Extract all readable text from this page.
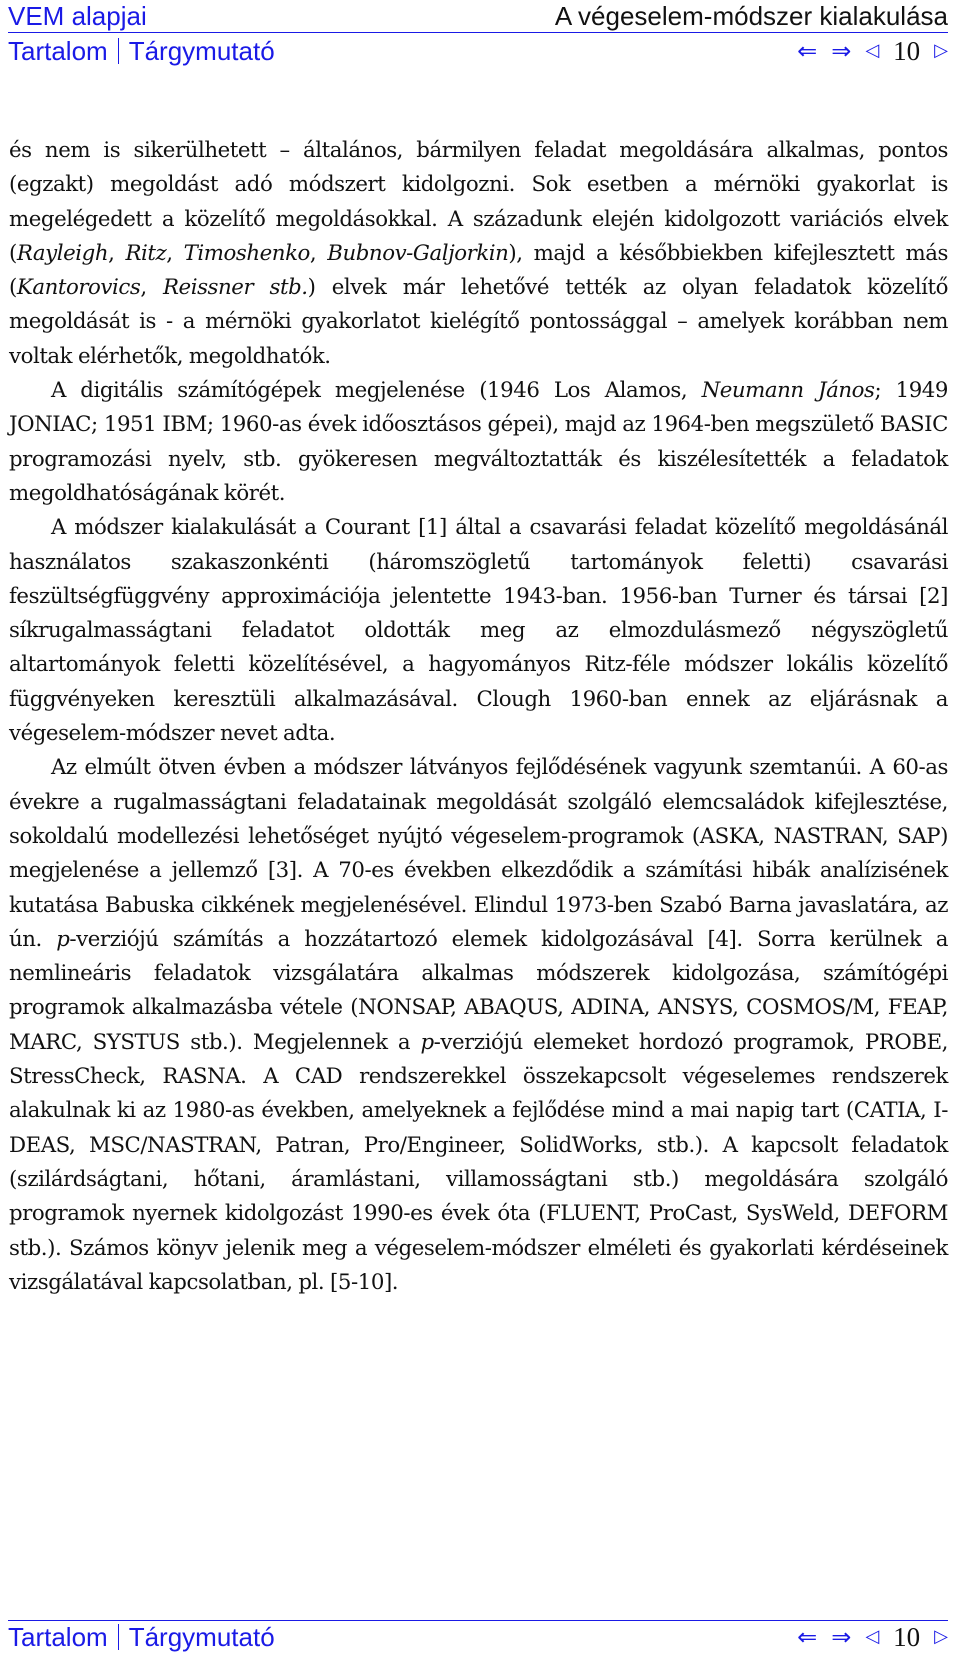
VEM alapjai	A végeselem-módszer kialakulása
Tartalom Tárgymutató	⇐ ⇒ ◁ 10 ▷

és nem is sikerülhetett – általános, bármilyen feladat megoldására alkalmas, pontos (egzakt) megoldást adó módszert kidolgozni. Sok esetben a mérnöki gyakorlat is megelégedett a közelítő megoldásokkal. A századunk elején kidolgozott variációs elvek (Rayleigh, Ritz, Timoshenko, Bubnov-Galjorkin), majd a későbbiekben kifejlesztett más (Kantorovics, Reissner stb.) elvek már lehetővé tették az olyan feladatok közelítő megoldását is - a mérnöki gyakorlatot kielégítő pontossággal – amelyek korábban nem voltak elérhetők, megoldhatók.

A digitális számítógépek megjelenése (1946 Los Alamos, Neumann János; 1949 JONIAC; 1951 IBM; 1960-as évek időosztásos gépei), majd az 1964-ben megszülető BASIC programozási nyelv, stb. gyökeresen megváltoztatták és kiszélesítették a feladatok megoldhatóságának körét.

A módszer kialakulását a Courant [1] által a csavarási feladat közelítő megoldásánál használatos szakaszonkénti (háromszögletű tartományok feletti) csavarási feszültségfüggvény approximációja jelentette 1943-ban. 1956-ban Turner és társai [2] síkrugalmasságtani feladatot oldották meg az elmozdulásmező négyszögletű altartományok feletti közelítésével, a hagyományos Ritz-féle módszer lokális közelítő függvényeken keresztüli alkalmazásával. Clough 1960-ban ennek az eljárásnak a végeselem-módszer nevet adta.

Az elmúlt ötven évben a módszer látványos fejlődésének vagyunk szemtanúi. A 60-as évekre a rugalmasságtani feladatainak megoldását szolgáló elemcsaládok kifejlesztése, sokoldalú modellezési lehetőséget nyújtó végeselem-programok (ASKA, NASTRAN, SAP) megjelenése a jellemző [3]. A 70-es években elkezdődik a számítási hibák analízisének kutatása Babuska cikkének megjelenésével. Elindul 1973-ben Szabó Barna javaslatára, az ún. p-verziójú számítás a hozzátartozó elemek kidolgozásával [4]. Sorra kerülnek a nemlineáris feladatok vizsgálatára alkalmas módszerek kidolgozása, számítógépi programok alkalmazásba vétele (NONSAP, ABAQUS, ADINA, ANSYS, COSMOS/M, FEAP, MARC, SYSTUS stb.). Megjelennek a p-verziójú elemeket hordozó programok, PROBE, StressCheck, RASNA. A CAD rendszerekkel összekapcsolt végeselemes rendszerek alakulnak ki az 1980-as években, amelyeknek a fejlődése mind a mai napig tart (CATIA, I-DEAS, MSC/NASTRAN, Patran, Pro/Engineer, SolidWorks, stb.). A kapcsolt feladatok (szilárdságtani, hőtani, áramlástani, villamosságtani stb.) megoldására szolgáló programok nyernek kidolgozást 1990-es évek óta (FLUENT, ProCast, SysWeld, DEFORM stb.). Számos könyv jelenik meg a végeselem-módszer elméleti és gyakorlati kérdéseinek vizsgálatával kapcsolatban, pl. [5-10].

Tartalom Tárgymutató	⇐ ⇒ ◁ 10 ▷
